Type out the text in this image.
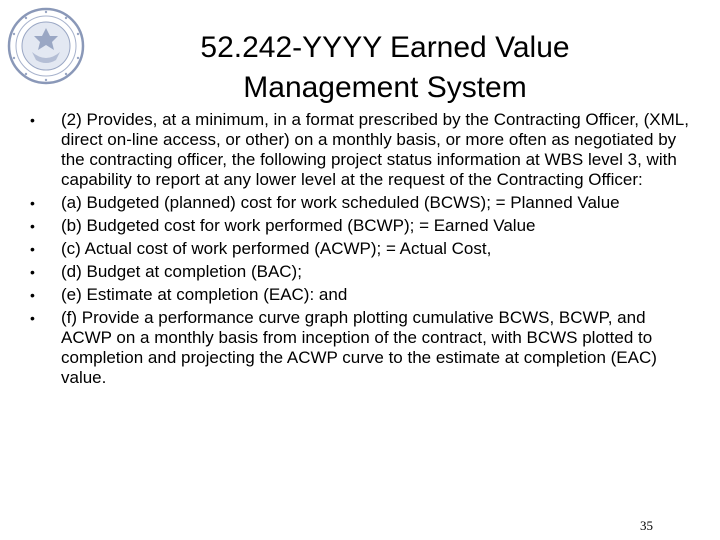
52.242-YYYY Earned Value
Management System
• (2) Provides, at a minimum, in a format prescribed by the Contracting Officer, (XML, direct on-line access, or other) on a monthly basis, or more often as negotiated by the contracting officer, the following project status information at WBS level 3, with capability to report at any lower level at the request of the Contracting Officer:
• (a) Budgeted (planned) cost for work scheduled (BCWS); = Planned Value
• (b) Budgeted cost for work performed (BCWP); = Earned Value
• (c) Actual cost of work performed (ACWP); = Actual Cost,
• (d) Budget at completion (BAC);
• (e) Estimate at completion (EAC): and
• (f) Provide a performance curve graph plotting cumulative BCWS, BCWP, and ACWP on a monthly basis from inception of the contract, with BCWS plotted to completion and projecting the ACWP curve to the estimate at completion (EAC) value.
35
